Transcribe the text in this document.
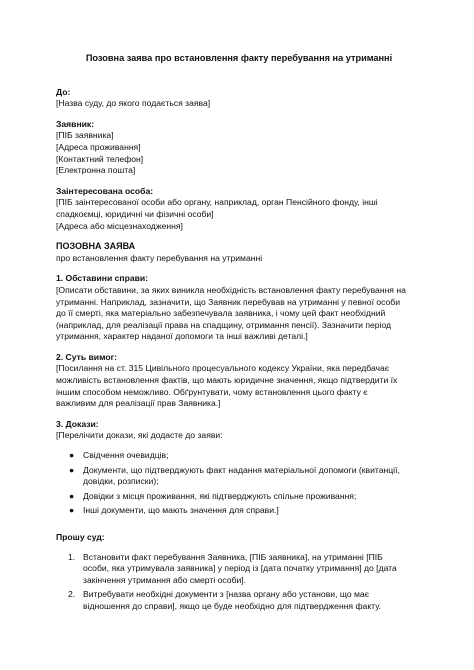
Позовна заява про встановлення факту перебування на утриманні
До:
[Назва суду, до якого подається заява]
Заявник:
[ПІБ заявника]
[Адреса проживання]
[Контактний телефон]
[Електронна пошта]
Заінтересована особа:
[ПІБ заінтересованої особи або органу, наприклад, орган Пенсійного фонду, інші
спадкоємці, юридичні чи фізичні особи]
[Адреса або місцезнаходження]
ПОЗОВНА ЗАЯВА
про встановлення факту перебування на утриманні
1. Обставини справи:
[Описати обставини, за яких виникла необхідність встановлення факту перебування на
утриманні. Наприклад, зазначити, що Заявник перебував на утриманні у певної особи
до її смерті, яка матеріально забезпечувала заявника, і чому цей факт необхідний
(наприклад, для реалізації права на спадщину, отримання пенсії). Зазначити період
утримання, характер наданої допомоги та інші важливі деталі.]
2. Суть вимог:
[Посилання на ст. 315 Цивільного процесуального кодексу України, яка передбачає
можливість встановлення фактів, що мають юридичне значення, якщо підтвердити їх
іншим способом неможливо. Обґрунтувати, чому встановлення цього факту є
важливим для реалізації прав Заявника.]
3. Докази:
[Перелічити докази, які додасте до заяви:
● Свідчення очевидців;
● Документи, що підтверджують факт надання матеріальної допомоги (квитанції,
довідки, розписки);
● Довідки з місця проживання, які підтверджують спільне проживання;
● Інші документи, що мають значення для справи.]
Прошу суд:
1. Встановити факт перебування Заявника, [ПІБ заявника], на утриманні [ПІБ
особи, яка утримувала заявника] у період із [дата початку утримання] до [дата
закінчення утримання або смерті особи].
2. Витребувати необхідні документи з [назва органу або установи, що має
відношення до справи], якщо це буде необхідно для підтвердження факту.
